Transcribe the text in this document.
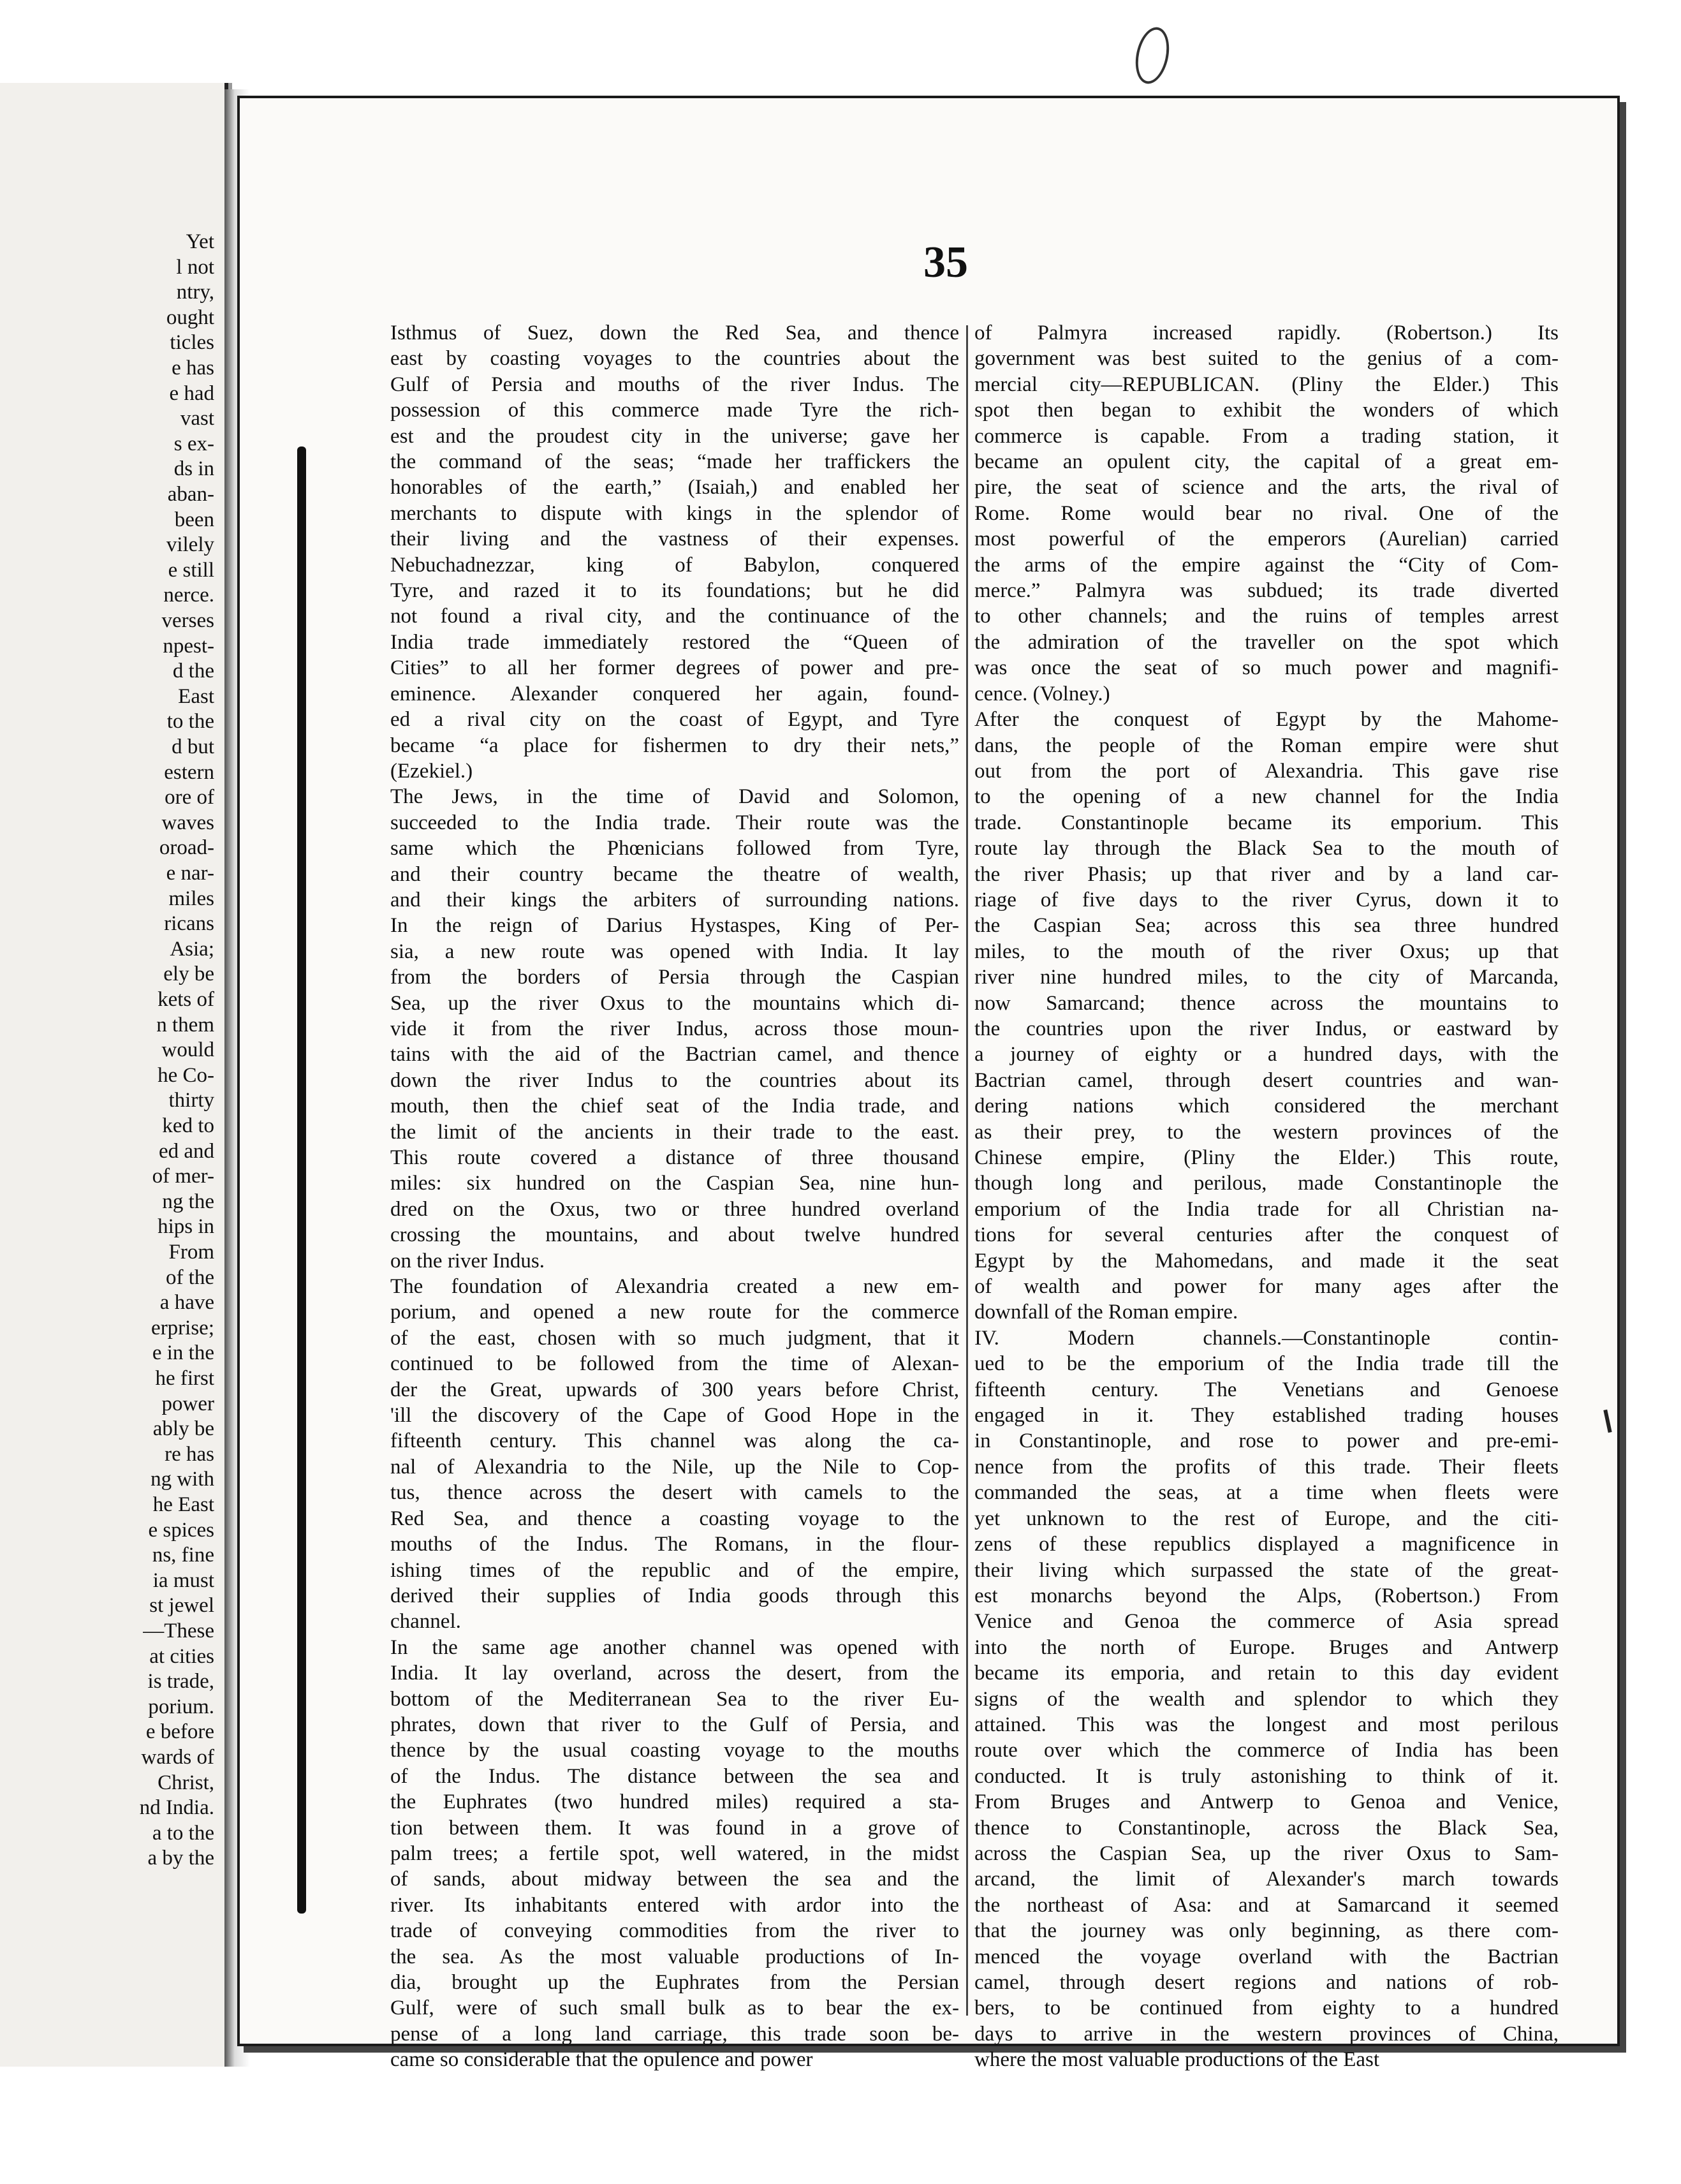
Yet
l not
ntry,
ought
ticles
e has
e had
vast
s ex-
ds in
aban-
been
vilely
e still
nerce.
verses
npest-
d the
East
to the
d but
estern
ore of
waves
oroad-
e nar-
miles
ricans
Asia;
ely be
kets of
n them
would
he Co-
thirty
ked to
ed and
of mer-
ng the
hips in
From
of the
a have
erprise;
e in the
he first
power
ably be
re has
ng with
he East
e spices
ns, fine
ia must
st jewel
—These
at cities
is trade,
porium.
e before
wards of
Christ,
nd India.
a to the
a by the
35

Isthmus of Suez, down the Red Sea, and thence

east by coasting voyages to the countries about the

Gulf of Persia and mouths of the river Indus. The

possession of this commerce made Tyre the rich-

est and the proudest city in the universe; gave her

the command of the seas; “made her traffickers the

honorables of the earth,” (Isaiah,) and enabled her

merchants to dispute with kings in the splendor of

their living and the vastness of their expenses.

Nebuchadnezzar, king of Babylon, conquered

Tyre, and razed it to its foundations; but he did

not found a rival city, and the continuance of the

India trade immediately restored the “Queen of

Cities” to all her former degrees of power and pre-

eminence. Alexander conquered her again, found-

ed a rival city on the coast of Egypt, and Tyre

became “a place for fishermen to dry their nets,”

(Ezekiel.)

The Jews, in the time of David and Solomon,

succeeded to the India trade. Their route was the

same which the Phœnicians followed from Tyre,

and their country became the theatre of wealth,

and their kings the arbiters of surrounding nations.

In the reign of Darius Hystaspes, King of Per-

sia, a new route was opened with India. It lay

from the borders of Persia through the Caspian

Sea, up the river Oxus to the mountains which di-

vide it from the river Indus, across those moun-

tains with the aid of the Bactrian camel, and thence

down the river Indus to the countries about its

mouth, then the chief seat of the India trade, and

the limit of the ancients in their trade to the east.

This route covered a distance of three thousand

miles: six hundred on the Caspian Sea, nine hun-

dred on the Oxus, two or three hundred overland

crossing the mountains, and about twelve hundred

on the river Indus.

The foundation of Alexandria created a new em-

porium, and opened a new route for the commerce

of the east, chosen with so much judgment, that it

continued to be followed from the time of Alexan-

der the Great, upwards of 300 years before Christ,

'ill the discovery of the Cape of Good Hope in the

fifteenth century. This channel was along the ca-

nal of Alexandria to the Nile, up the Nile to Cop-

tus, thence across the desert with camels to the

Red Sea, and thence a coasting voyage to the

mouths of the Indus. The Romans, in the flour-

ishing times of the republic and of the empire,

derived their supplies of India goods through this

channel.

In the same age another channel was opened with

India. It lay overland, across the desert, from the

bottom of the Mediterranean Sea to the river Eu-

phrates, down that river to the Gulf of Persia, and

thence by the usual coasting voyage to the mouths

of the Indus. The distance between the sea and

the Euphrates (two hundred miles) required a sta-

tion between them. It was found in a grove of

palm trees; a fertile spot, well watered, in the midst

of sands, about midway between the sea and the

river. Its inhabitants entered with ardor into the

trade of conveying commodities from the river to

the sea. As the most valuable productions of In-

dia, brought up the Euphrates from the Persian

Gulf, were of such small bulk as to bear the ex-

pense of a long land carriage, this trade soon be-

came so considerable that the opulence and power

of Palmyra increased rapidly. (Robertson.) Its

government was best suited to the genius of a com-

mercial city—REPUBLICAN. (Pliny the Elder.) This

spot then began to exhibit the wonders of which

commerce is capable. From a trading station, it

became an opulent city, the capital of a great em-

pire, the seat of science and the arts, the rival of

Rome. Rome would bear no rival. One of the

most powerful of the emperors (Aurelian) carried

the arms of the empire against the “City of Com-

merce.” Palmyra was subdued; its trade diverted

to other channels; and the ruins of temples arrest

the admiration of the traveller on the spot which

was once the seat of so much power and magnifi-

cence. (Volney.)

After the conquest of Egypt by the Mahome-

dans, the people of the Roman empire were shut

out from the port of Alexandria. This gave rise

to the opening of a new channel for the India

trade. Constantinople became its emporium. This

route lay through the Black Sea to the mouth of

the river Phasis; up that river and by a land car-

riage of five days to the river Cyrus, down it to

the Caspian Sea; across this sea three hundred

miles, to the mouth of the river Oxus; up that

river nine hundred miles, to the city of Marcanda,

now Samarcand; thence across the mountains to

the countries upon the river Indus, or eastward by

a journey of eighty or a hundred days, with the

Bactrian camel, through desert countries and wan-

dering nations which considered the merchant

as their prey, to the western provinces of the

Chinese empire, (Pliny the Elder.) This route,

though long and perilous, made Constantinople the

emporium of the India trade for all Christian na-

tions for several centuries after the conquest of

Egypt by the Mahomedans, and made it the seat

of wealth and power for many ages after the

downfall of the Roman empire.

IV. Modern channels.—Constantinople contin-

ued to be the emporium of the India trade till the

fifteenth century. The Venetians and Genoese

engaged in it. They established trading houses

in Constantinople, and rose to power and pre-emi-

nence from the profits of this trade. Their fleets

commanded the seas, at a time when fleets were

yet unknown to the rest of Europe, and the citi-

zens of these republics displayed a magnificence in

their living which surpassed the state of the great-

est monarchs beyond the Alps, (Robertson.) From

Venice and Genoa the commerce of Asia spread

into the north of Europe. Bruges and Antwerp

became its emporia, and retain to this day evident

signs of the wealth and splendor to which they

attained. This was the longest and most perilous

route over which the commerce of India has been

conducted. It is truly astonishing to think of it.

From Bruges and Antwerp to Genoa and Venice,

thence to Constantinople, across the Black Sea,

across the Caspian Sea, up the river Oxus to Sam-

arcand, the limit of Alexander's march towards

the northeast of Asa: and at Samarcand it seemed

that the journey was only beginning, as there com-

menced the voyage overland with the Bactrian

camel, through desert regions and nations of rob-

bers, to be continued from eighty to a hundred

days to arrive in the western provinces of China,

where the most valuable productions of the East
